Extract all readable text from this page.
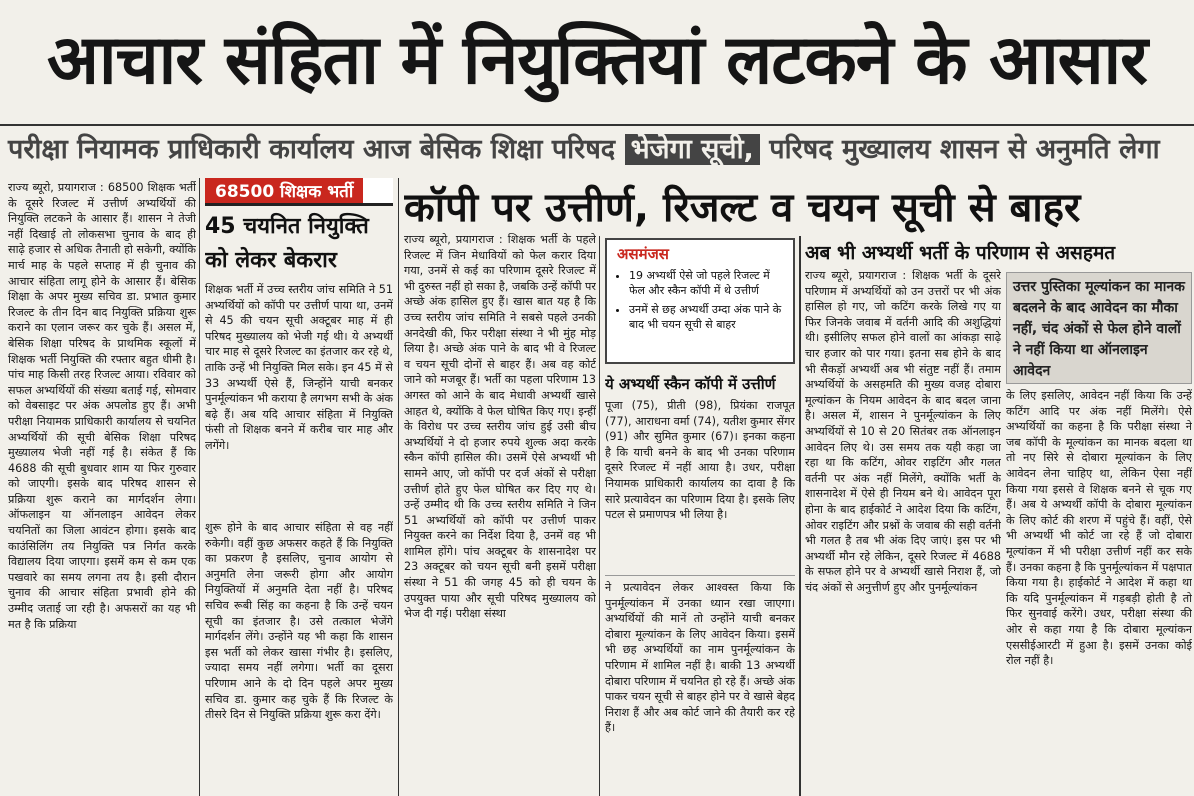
आचार संहिता में नियुक्तियां लटकने के आसार
परीक्षा नियामक प्राधिकारी कार्यालय आज बेसिक शिक्षा परिषद भेजेगा सूची, परिषद मुख्यालय शासन से अनुमति लेगा
राज्य ब्यूरो, प्रयागराज : 68500 शिक्षक भर्ती के दूसरे रिजल्ट में उत्तीर्ण अभ्यर्थियों की नियुक्ति लटकने के आसार हैं। शासन ने तेजी नहीं दिखाई तो लोकसभा चुनाव के बाद ही साढ़े हजार से अधिक तैनाती हो सकेगी, क्योंकि मार्च माह के पहले सप्ताह में ही चुनाव की आचार संहिता लागू होने के आसार हैं। बेसिक शिक्षा के अपर मुख्य सचिव डा. प्रभात कुमार रिजल्ट के तीन दिन बाद नियुक्ति प्रक्रिया शुरू कराने का एलान जरूर कर चुके हैं। असल में, बेसिक शिक्षा परिषद के प्राथमिक स्कूलों में शिक्षक भर्ती नियुक्ति की रफ्तार बहुत धीमी है। पांच माह किसी तरह रिजल्ट आया। रविवार को सफल अभ्यर्थियों की संख्या बताई गई, सोमवार को वेबसाइट पर अंक अपलोड हुए हैं। अभी परीक्षा नियामक प्राधिकारी कार्यालय से चयनित अभ्यर्थियों की सूची बेसिक शिक्षा परिषद मुख्यालय भेजी नहीं गई है। संकेत हैं कि 4688 की सूची बुधवार शाम या फिर गुरुवार को जाएगी। इसके बाद परिषद शासन से प्रक्रिया शुरू कराने का मार्गदर्शन लेगा। ऑफलाइन या ऑनलाइन आवेदन लेकर चयनितों का जिला आवंटन होगा। इसके बाद काउंसिलिंग तय नियुक्ति पत्र निर्गत करके विद्यालय दिया जाएगा। इसमें कम से कम एक पखवारे का समय लगना तय है। इसी दौरान चुनाव की आचार संहिता प्रभावी होने की उम्मीद जताई जा रही है। अफसरों का यह भी मत है कि प्रक्रिया
68500 शिक्षक भर्ती
45 चयनित नियुक्ति को लेकर बेकरार
शिक्षक भर्ती में उच्च स्तरीय जांच समिति ने 51 अभ्यर्थियों को कॉपी पर उत्तीर्ण पाया था, उनमें से 45 की चयन सूची अक्टूबर माह में ही परिषद मुख्यालय को भेजी गई थी। ये अभ्यर्थी चार माह से दूसरे रिजल्ट का इंतजार कर रहे थे, ताकि उन्हें भी नियुक्ति मिल सके। इन 45 में से 33 अभ्यर्थी ऐसे हैं, जिन्होंने याची बनकर पुनर्मूल्यांकन भी कराया है लगभग सभी के अंक बढ़े हैं। अब यदि आचार संहिता में नियुक्ति फंसी तो शिक्षक बनने में करीब चार माह और लगेंगे।
शुरू होने के बाद आचार संहिता से वह नहीं रुकेगी। वहीं कुछ अफसर कहते हैं कि नियुक्ति का प्रकरण है इसलिए, चुनाव आयोग से अनुमति लेना जरूरी होगा और आयोग नियुक्तियों में अनुमति देता नहीं है। परिषद सचिव रूबी सिंह का कहना है कि उन्हें चयन सूची का इंतजार है। उसे तत्काल भेजेंगे मार्गदर्शन लेंगे। उन्होंने यह भी कहा कि शासन इस भर्ती को लेकर खासा गंभीर है। इसलिए, ज्यादा समय नहीं लगेगा। भर्ती का दूसरा परिणाम आने के दो दिन पहले अपर मुख्य सचिव डा. कुमार कह चुके हैं कि रिजल्ट के तीसरे दिन से नियुक्ति प्रक्रिया शुरू करा देंगे।
कॉपी पर उत्तीर्ण, रिजल्ट व चयन सूची से बाहर
राज्य ब्यूरो, प्रयागराज : शिक्षक भर्ती के पहले रिजल्ट में जिन मेधावियों को फेल करार दिया गया, उनमें से कई का परिणाम दूसरे रिजल्ट में भी दुरुस्त नहीं हो सका है, जबकि उन्हें कॉपी पर अच्छे अंक हासिल हुए हैं। खास बात यह है कि उच्च स्तरीय जांच समिति ने सबसे पहले उनकी अनदेखी की, फिर परीक्षा संस्था ने भी मुंह मोड़ लिया है। अच्छे अंक पाने के बाद भी वे रिजल्ट व चयन सूची दोनों से बाहर हैं। अब वह कोर्ट जाने को मजबूर हैं। भर्ती का पहला परिणाम 13 अगस्त को आने के बाद मेधावी अभ्यर्थी खासे आहत थे, क्योंकि वे फेल घोषित किए गए। इन्हीं के विरोध पर उच्च स्तरीय जांच हुई उसी बीच अभ्यर्थियों ने दो हजार रुपये शुल्क अदा करके स्कैन कॉपी हासिल की। उसमें ऐसे अभ्यर्थी भी सामने आए, जो कॉपी पर दर्ज अंकों से परीक्षा उत्तीर्ण होते हुए फेल घोषित कर दिए गए थे। उन्हें उम्मीद थी कि उच्च स्तरीय समिति ने जिन 51 अभ्यर्थियों को कॉपी पर उत्तीर्ण पाकर नियुक्त करने का निर्देश दिया है, उनमें वह भी शामिल होंगे। पांच अक्टूबर के शासनादेश पर 23 अक्टूबर को चयन सूची बनी इसमें परीक्षा संस्था ने 51 की जगह 45 को ही चयन के उपयुक्त पाया और सूची परिषद मुख्यालय को भेज दी गई। परीक्षा संस्था
असमंजस
• 19 अभ्यर्थी ऐसे जो पहले रिजल्ट में फेल और स्कैन कॉपी में थे उत्तीर्ण
• उनमें से छह अभ्यर्थी उम्दा अंक पाने के बाद भी चयन सूची से बाहर
ये अभ्यर्थी स्कैन कॉपी में उत्तीर्ण
पूजा (75), प्रीती (98), प्रियंका राजपूत (77), आराधना वर्मा (74), यतीश कुमार सेंगर (91) और सुमित कुमार (67)। इनका कहना है कि याची बनने के बाद भी उनका परिणाम दूसरे रिजल्ट में नहीं आया है। उधर, परीक्षा नियामक प्राधिकारी कार्यालय का दावा है कि सारे प्रत्यावेदन का परिणाम दिया है। इसके लिए पटल से प्रमाणपत्र भी लिया है।
ने प्रत्यावेदन लेकर आश्वस्त किया कि पुनर्मूल्यांकन में उनका ध्यान रखा जाएगा। अभ्यर्थियों की मानें तो उन्होंने याची बनकर दोबारा मूल्यांकन के लिए आवेदन किया। इसमें भी छह अभ्यर्थियों का नाम पुनर्मूल्यांकन के परिणाम में शामिल नहीं है। बाकी 13 अभ्यर्थी दोबारा परिणाम में चयनित हो रहे हैं। अच्छे अंक पाकर चयन सूची से बाहर होने पर वे खासे बेहद निराश हैं और अब कोर्ट जाने की तैयारी कर रहे हैं।
अब भी अभ्यर्थी भर्ती के परिणाम से असहमत
राज्य ब्यूरो, प्रयागराज : शिक्षक भर्ती के दूसरे परिणाम में अभ्यर्थियों को उन उत्तरों पर भी अंक हासिल हो गए, जो कटिंग करके लिखे गए या फिर जिनके जवाब में वर्तनी आदि की अशुद्धियां थी। इसीलिए सफल होने वालों का आंकड़ा साढ़े चार हजार को पार गया। इतना सब होने के बाद भी सैकड़ों अभ्यर्थी अब भी संतुष्ट नहीं हैं। तमाम अभ्यर्थियों के असहमति की मुख्य वजह दोबारा मूल्यांकन के नियम आवेदन के बाद बदल जाना है। असल में, शासन ने पुनर्मूल्यांकन के लिए अभ्यर्थियों से 10 से 20 सितंबर तक ऑनलाइन आवेदन लिए थे। उस समय तक यही कहा जा रहा था कि कटिंग, ओवर राइटिंग और गलत वर्तनी पर अंक नहीं मिलेंगे, क्योंकि भर्ती के शासनादेश में ऐसे ही नियम बने थे। आवेदन पूरा होना के बाद हाईकोर्ट ने आदेश दिया कि कटिंग, ओवर राइटिंग और प्रश्नों के जवाब की सही वर्तनी भी गलत है तब भी अंक दिए जाएं। इस पर भी अभ्यर्थी मौन रहे लेकिन, दूसरे रिजल्ट में 4688 के सफल होने पर वे अभ्यर्थी खासे निराश हैं, जो चंद अंकों से अनुत्तीर्ण हुए और पुनर्मूल्यांकन
उत्तर पुस्तिका मूल्यांकन का मानक बदलने के बाद आवेदन का मौका नहीं, चंद अंकों से फेल होने वालों ने नहीं किया था ऑनलाइन आवेदन
के लिए इसलिए, आवेदन नहीं किया कि उन्हें कटिंग आदि पर अंक नहीं मिलेंगे। ऐसे अभ्यर्थियों का कहना है कि परीक्षा संस्था ने जब कॉपी के मूल्यांकन का मानक बदला था तो नए सिरे से दोबारा मूल्यांकन के लिए आवेदन लेना चाहिए था, लेकिन ऐसा नहीं किया गया इससे वे शिक्षक बनने से चूक गए हैं। अब ये अभ्यर्थी कॉपी के दोबारा मूल्यांकन के लिए कोर्ट की शरण में पहुंचे हैं। वहीं, ऐसे भी अभ्यर्थी भी कोर्ट जा रहे हैं जो दोबारा मूल्यांकन में भी परीक्षा उत्तीर्ण नहीं कर सके हैं। उनका कहना है कि पुनर्मूल्यांकन में पक्षपात किया गया है। हाईकोर्ट ने आदेश में कहा था कि यदि पुनर्मूल्यांकन में गड़बड़ी होती है तो फिर सुनवाई करेंगे। उधर, परीक्षा संस्था की ओर से कहा गया है कि दोबारा मूल्यांकन एससीईआरटी में हुआ है। इसमें उनका कोई रोल नहीं है।
